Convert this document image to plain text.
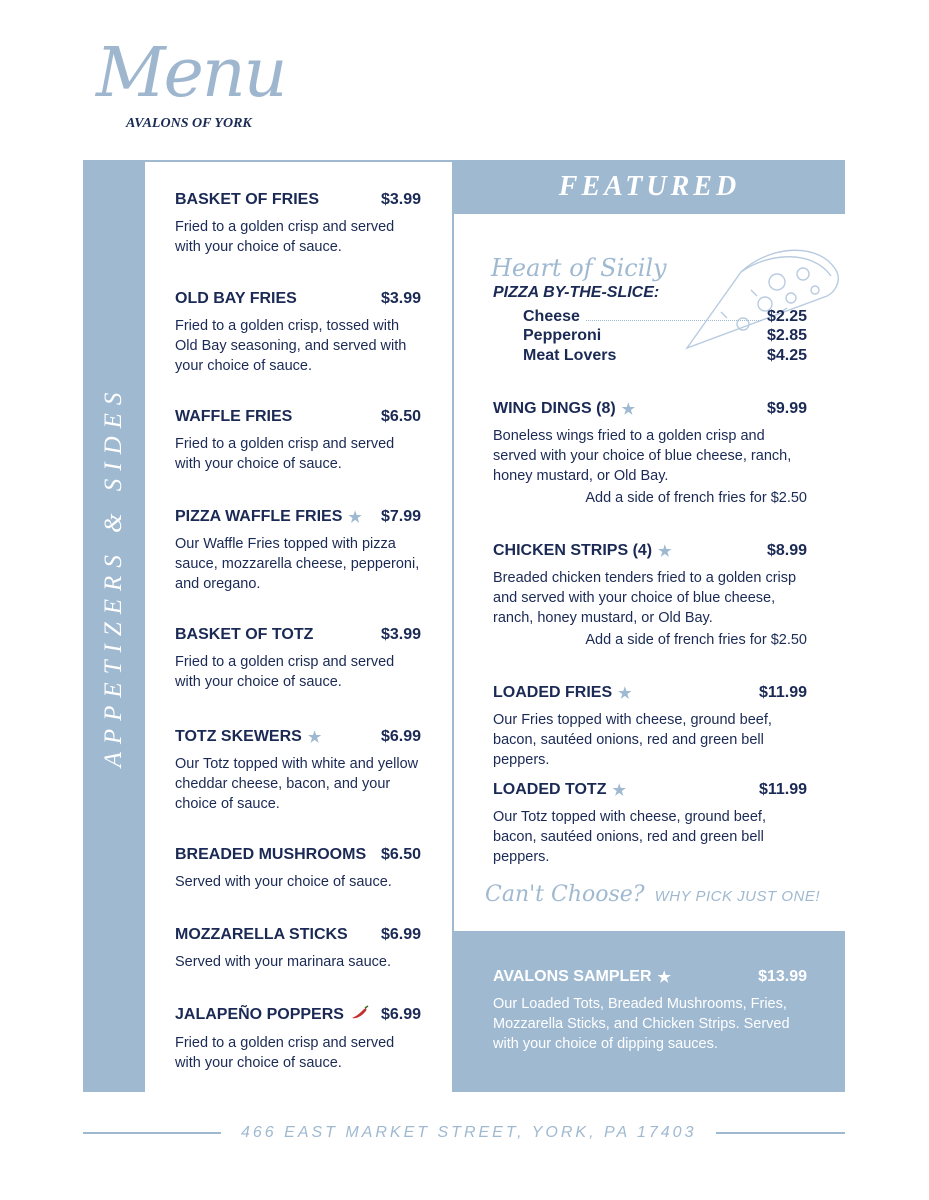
Menu
AVALONS OF YORK
APPETIZERS & SIDES
BASKET OF FRIES	$3.99
Fried to a golden crisp and served with your choice of sauce.
OLD BAY FRIES	$3.99
Fried to a golden crisp, tossed with Old Bay seasoning, and served with your choice of sauce.
WAFFLE FRIES	$6.50
Fried to a golden crisp and served with your choice of sauce.
PIZZA WAFFLE FRIES ★ $7.99
Our Waffle Fries topped with pizza sauce, mozzarella cheese, pepperoni, and oregano.
BASKET OF TOTZ	$3.99
Fried to a golden crisp and served with your choice of sauce.
TOTZ SKEWERS ★	$6.99
Our Totz topped with white and yellow cheddar cheese, bacon, and your choice of sauce.
BREADED MUSHROOMS $6.50
Served with your choice of sauce.
MOZZARELLA STICKS $6.99
Served with your marinara sauce.
JALAPEÑO POPPERS $6.99
Fried to a golden crisp and served with your choice of sauce.
FEATURED
Heart of Sicily
PIZZA BY-THE-SLICE:
Cheese	$2.25
Pepperoni	$2.85
Meat Lovers	$4.25
WING DINGS (8) ★	$9.99
Boneless wings fried to a golden crisp and served with your choice of blue cheese, ranch, honey mustard, or Old Bay.
Add a side of french fries for $2.50
CHICKEN STRIPS (4) ★	$8.99
Breaded chicken tenders fried to a golden crisp and served with your choice of blue cheese, ranch, honey mustard, or Old Bay.
Add a side of french fries for $2.50
LOADED FRIES ★	$11.99
Our Fries topped with cheese, ground beef, bacon, sautéed onions, red and green bell peppers.
LOADED TOTZ ★	$11.99
Our Totz topped with cheese, ground beef, bacon, sautéed onions, red and green bell peppers.
Can't Choose? WHY PICK JUST ONE!
AVALONS SAMPLER ★	$13.99
Our Loaded Tots, Breaded Mushrooms, Fries, Mozzarella Sticks, and Chicken Strips. Served with your choice of dipping sauces.
466 EAST MARKET STREET, YORK, PA 17403
